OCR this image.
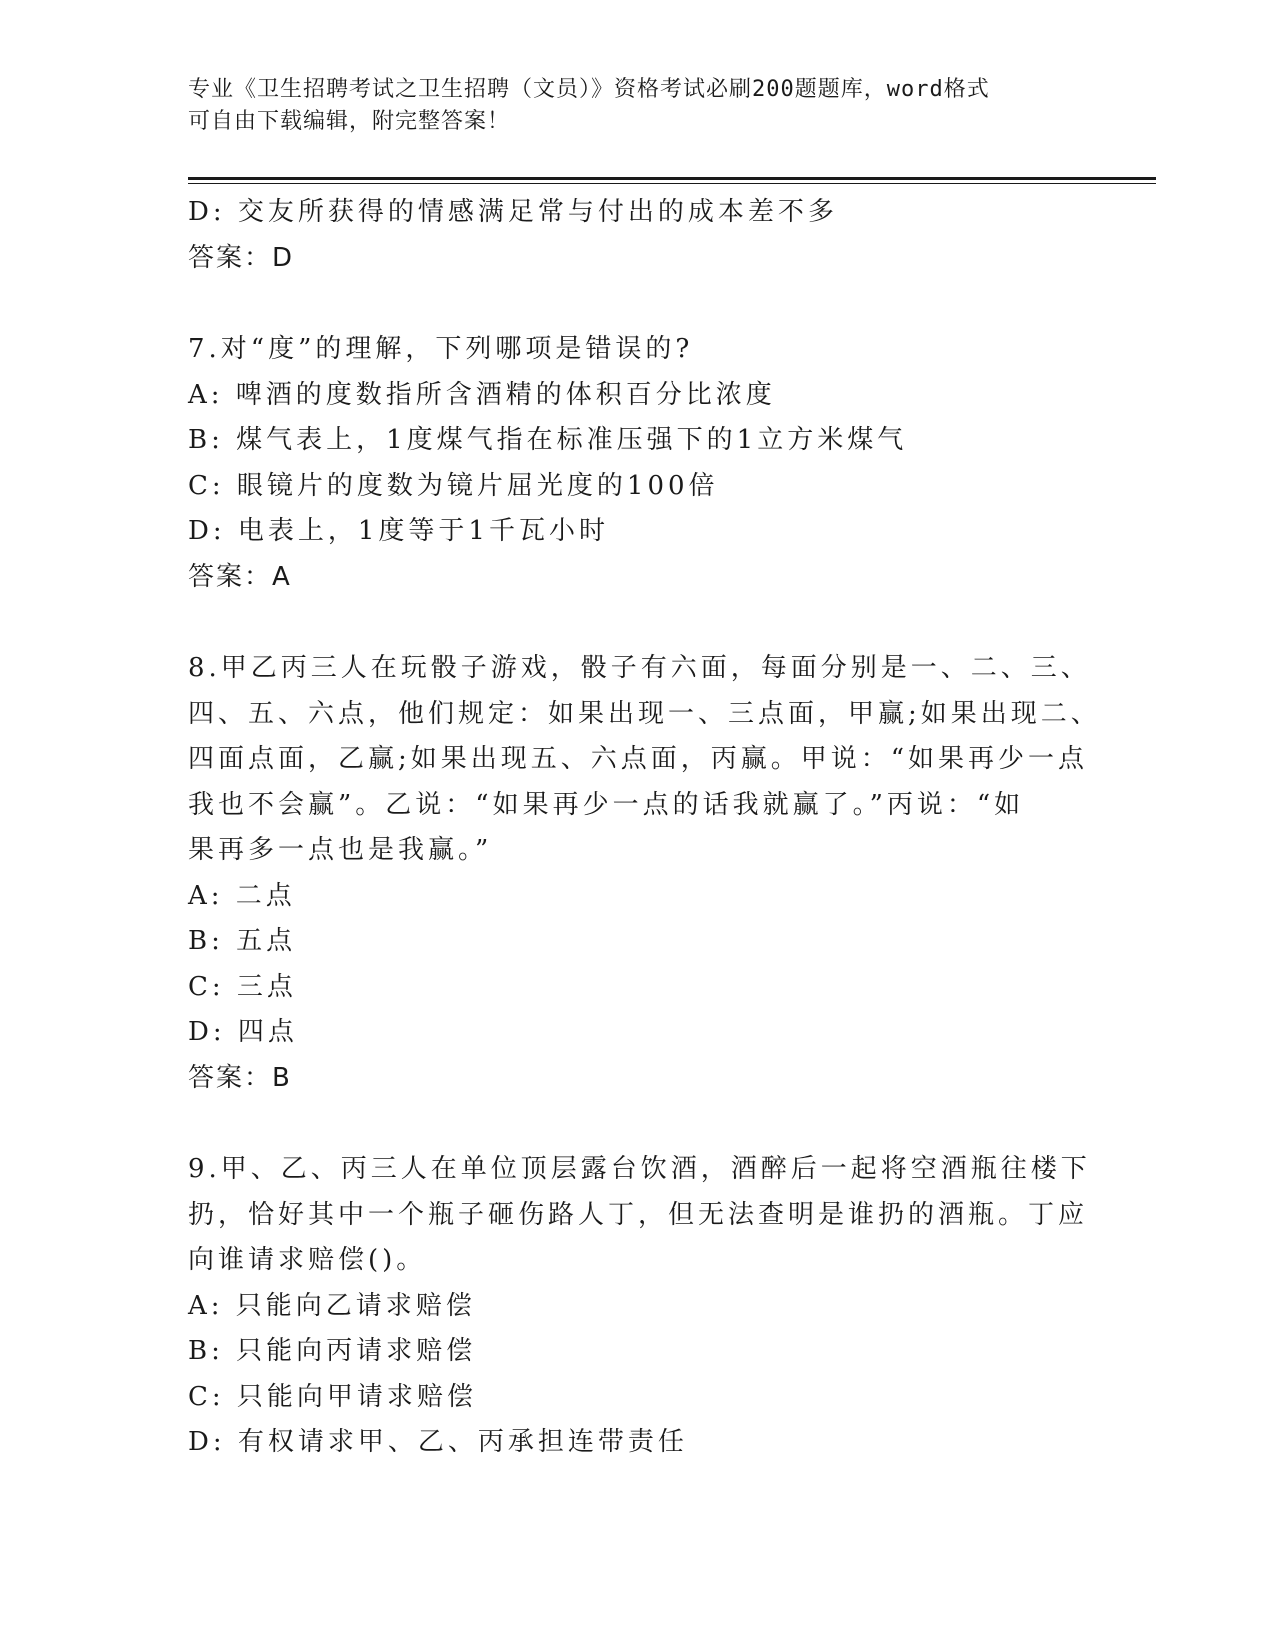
专业《卫生招聘考试之卫生招聘（文员）》资格考试必刷200题题库，word格式
可自由下载编辑，附完整答案！
D: 交友所获得的情感满足常与付出的成本差不多
答案：D
7.对“度”的理解，下列哪项是错误的?
A: 啤酒的度数指所含酒精的体积百分比浓度
B: 煤气表上，1度煤气指在标准压强下的1立方米煤气
C: 眼镜片的度数为镜片屈光度的100倍
D: 电表上，1度等于1千瓦小时
答案：A
8.甲乙丙三人在玩骰子游戏，骰子有六面，每面分别是一、二、三、
四、五、六点，他们规定：如果出现一、三点面，甲赢;如果出现二、
四面点面，乙赢;如果出现五、六点面，丙赢。甲说：“如果再少一点
我也不会赢”。乙说：“如果再少一点的话我就赢了。”丙说：“如
果再多一点也是我赢。”
A: 二点
B: 五点
C: 三点
D: 四点
答案：B
9.甲、乙、丙三人在单位顶层露台饮酒，酒醉后一起将空酒瓶往楼下
扔，恰好其中一个瓶子砸伤路人丁，但无法查明是谁扔的酒瓶。丁应
向谁请求赔偿()。
A: 只能向乙请求赔偿
B: 只能向丙请求赔偿
C: 只能向甲请求赔偿
D: 有权请求甲、乙、丙承担连带责任
